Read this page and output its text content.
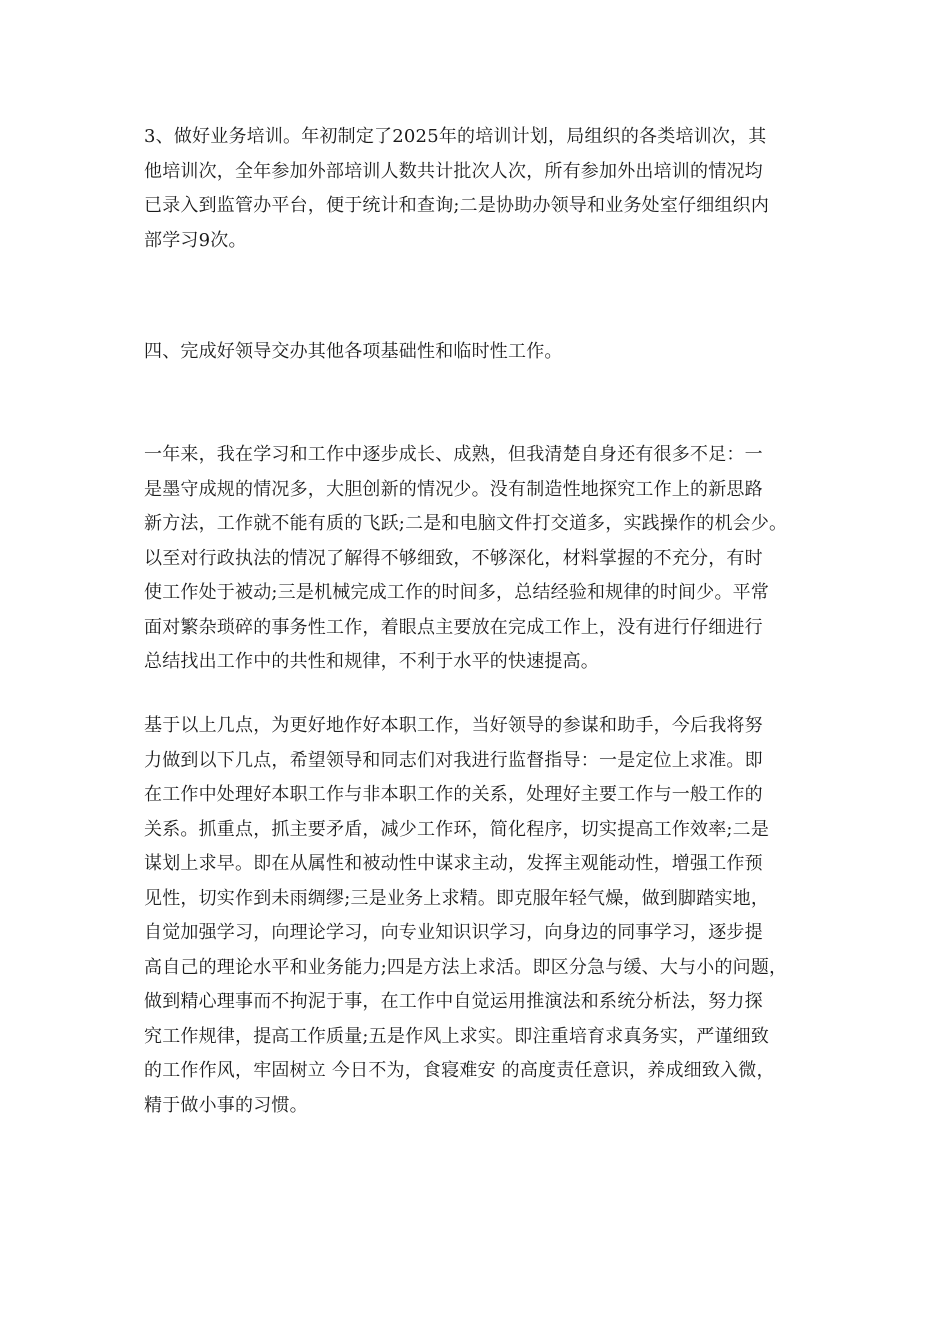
3、做好业务培训。年初制定了2025年的培训计划，局组织的各类培训次，其
他培训次，全年参加外部培训人数共计批次人次，所有参加外出培训的情况均
已录入到监管办平台，便于统计和查询;二是协助办领导和业务处室仔细组织内
部学习9次。
四、完成好领导交办其他各项基础性和临时性工作。
一年来，我在学习和工作中逐步成长、成熟，但我清楚自身还有很多不足：一
是墨守成规的情况多，大胆创新的情况少。没有制造性地探究工作上的新思路
新方法，工作就不能有质的飞跃;二是和电脑文件打交道多，实践操作的机会少。
以至对行政执法的情况了解得不够细致，不够深化，材料掌握的不充分，有时
使工作处于被动;三是机械完成工作的时间多，总结经验和规律的时间少。平常
面对繁杂琐碎的事务性工作，着眼点主要放在完成工作上，没有进行仔细进行
总结找出工作中的共性和规律，不利于水平的快速提高。
基于以上几点，为更好地作好本职工作，当好领导的参谋和助手，今后我将努
力做到以下几点，希望领导和同志们对我进行监督指导：一是定位上求准。即
在工作中处理好本职工作与非本职工作的关系，处理好主要工作与一般工作的
关系。抓重点，抓主要矛盾，减少工作环，简化程序，切实提高工作效率;二是
谋划上求早。即在从属性和被动性中谋求主动，发挥主观能动性，增强工作预
见性，切实作到未雨绸缪;三是业务上求精。即克服年轻气燥，做到脚踏实地，
自觉加强学习，向理论学习，向专业知识识学习，向身边的同事学习，逐步提
高自己的理论水平和业务能力;四是方法上求活。即区分急与缓、大与小的问题，
做到精心理事而不拘泥于事，在工作中自觉运用推演法和系统分析法，努力探
究工作规律，提高工作质量;五是作风上求实。即注重培育求真务实，严谨细致
的工作作风，牢固树立 今日不为，食寝难安 的高度责任意识，养成细致入微，
精于做小事的习惯。
